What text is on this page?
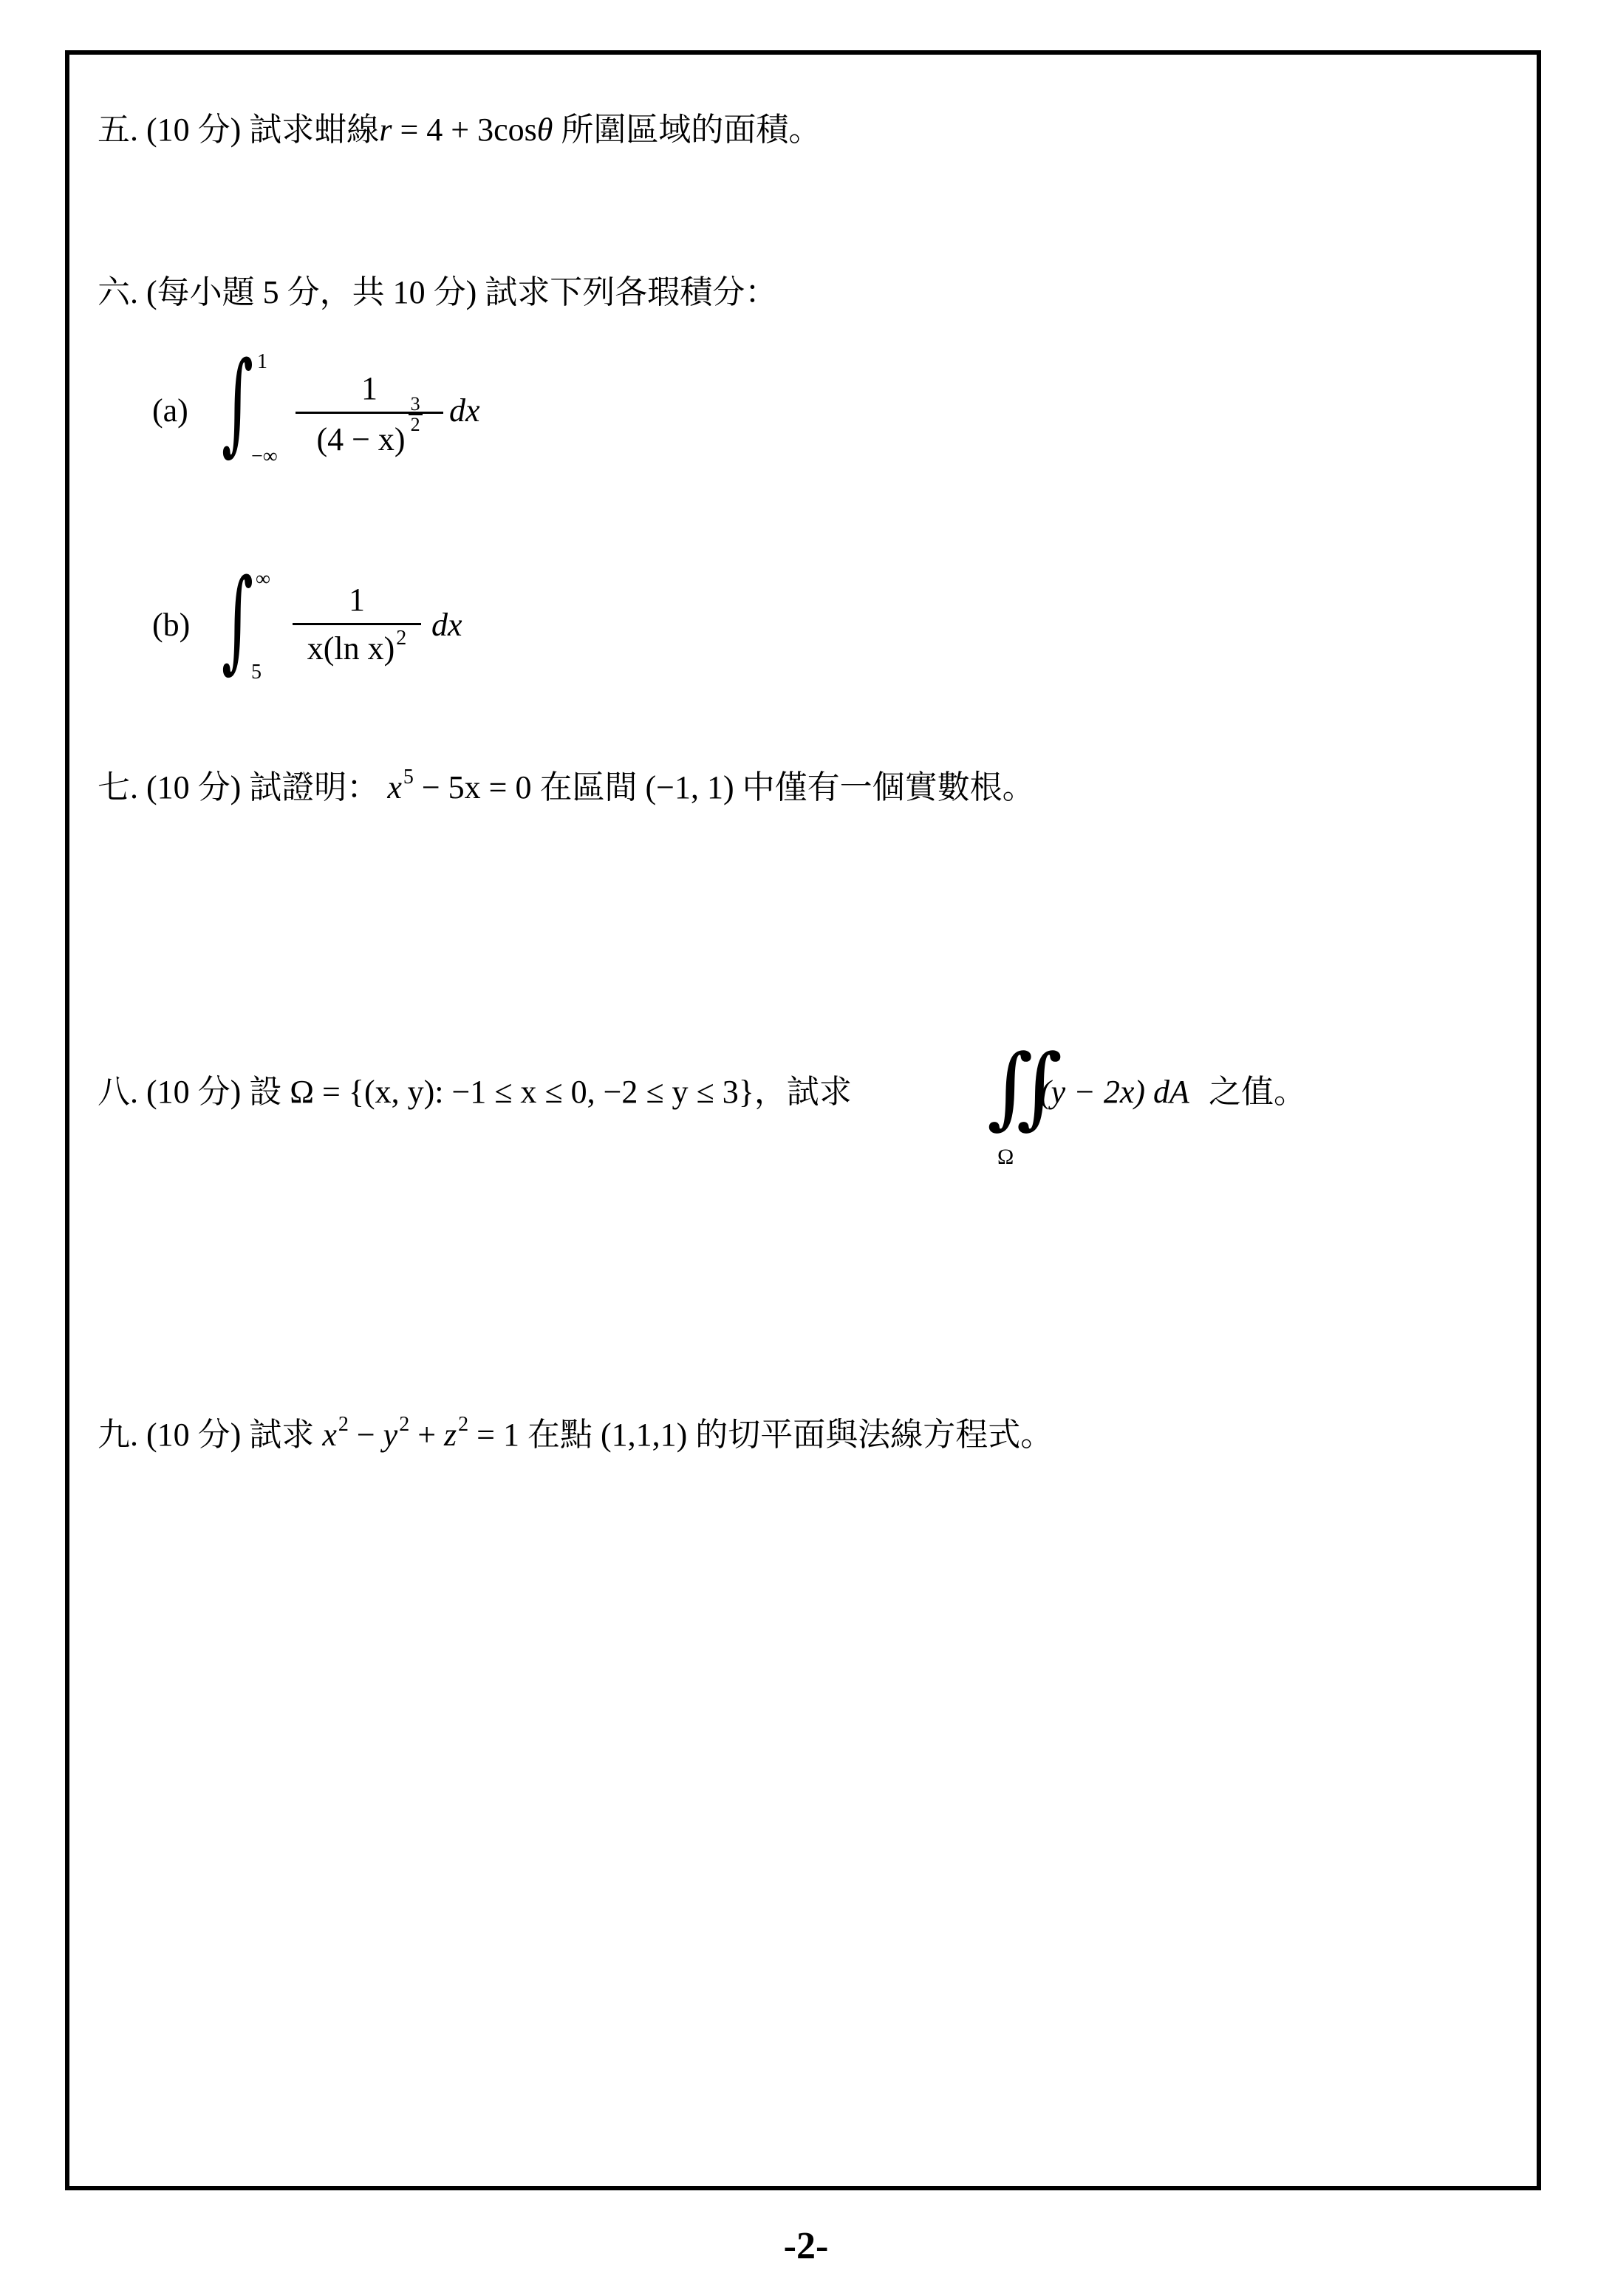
五. (10 分) 試求蚶線r = 4 + 3cosθ 所圍區域的面積。
六. (每小題 5 分，共 10 分) 試求下列各瑕積分：
(a) ∫ 1
−∞
1
(4 − x)
$\frac{3}{2}$ dx
(b) ∫ ∞
5
1
x(ln x)$^2$ dx
七. (10 分) 試證明： $x^5 - 5x = 0$ 在區間 (−1, 1) 中僅有一個實數根。
八. (10 分) 設 Ω = {(x, y): −1 ≤ x ≤ 0, −2 ≤ y ≤ 3}，試求 ∬
Ω
(y − 2x) dA 之值。
九. (10 分) 試求 $x^2 - y^2 + z^2 = 1$ 在點 (1,1,1) 的切平面與法線方程式。
-2-
